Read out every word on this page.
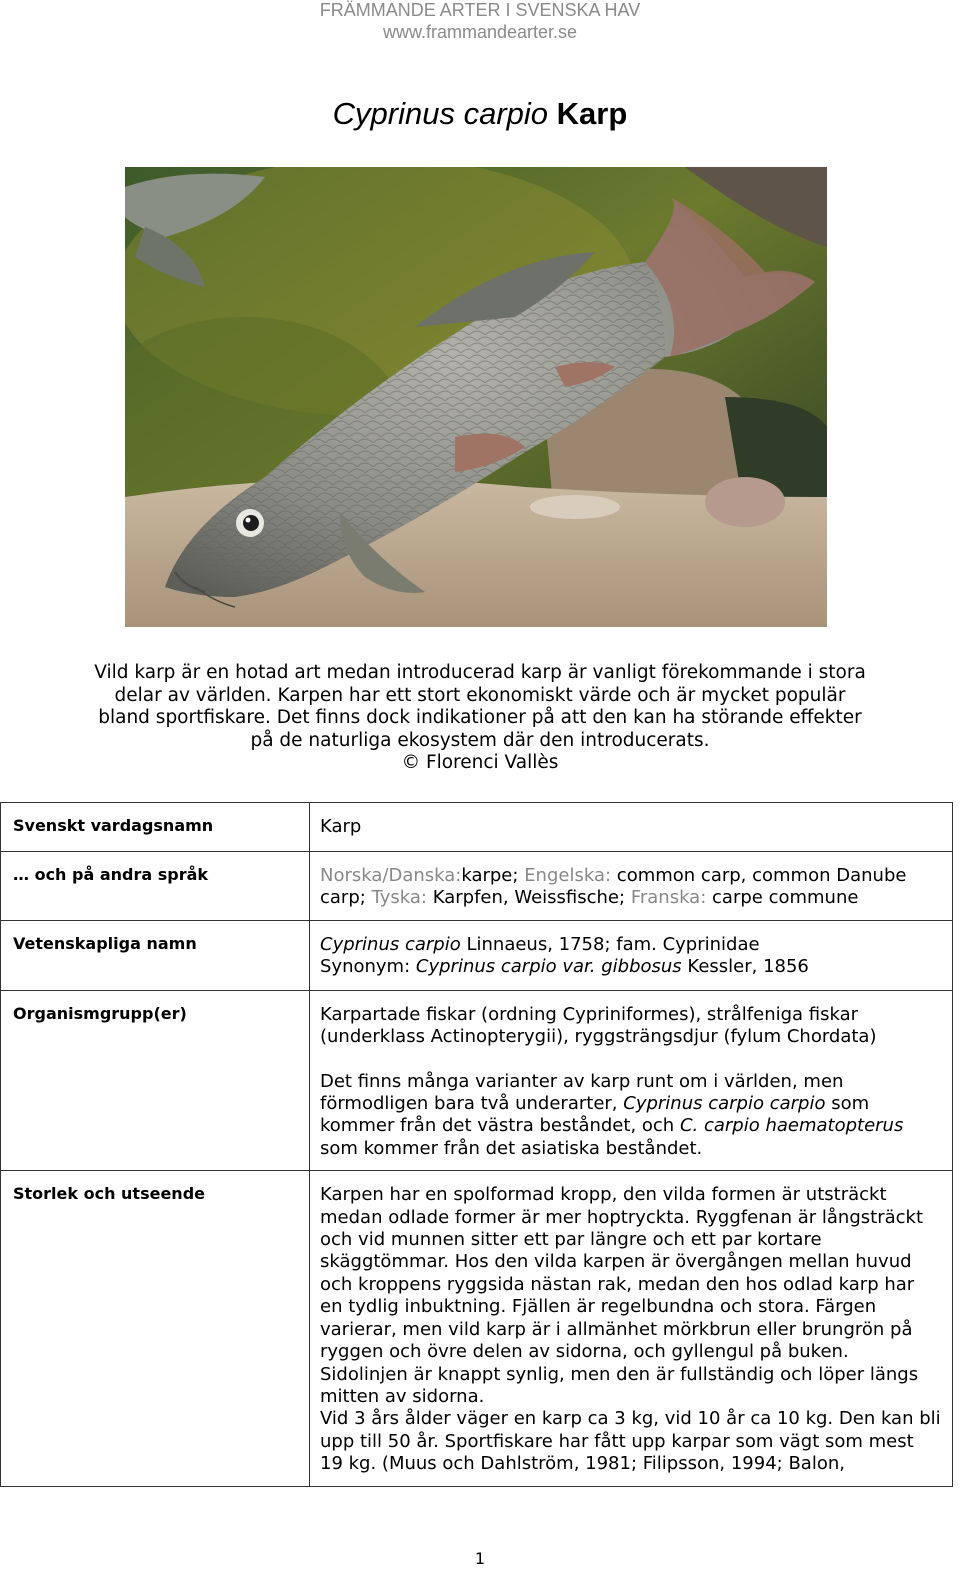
FRÄMMANDE ARTER I SVENSKA HAV
www.frammandearter.se
Cyprinus carpio Karp
Vild karp är en hotad art medan introducerad karp är vanligt förekommande i stora
delar av världen. Karpen har ett stort ekonomiskt värde och är mycket populär
bland sportfiskare. Det finns dock indikationer på att den kan ha störande effekter
på de naturliga ekosystem där den introducerats.
© Florenci Vallès
Svenskt vardagsnamn	Karp
… och på andra språk	Norska/Danska:karpe; Engelska: common carp, common Danube carp; Tyska: Karpfen, Weissfische; Franska: carpe commune
Vetenskapliga namn	Cyprinus carpio Linnaeus, 1758; fam. Cyprinidae
Synonym: Cyprinus carpio var. gibbosus Kessler, 1856
Organismgrupp(er)	Karpartade fiskar (ordning Cypriniformes), strålfeniga fiskar (underklass Actinopterygii), ryggsträngsdjur (fylum Chordata)

Det finns många varianter av karp runt om i världen, men förmodligen bara två underarter, Cyprinus carpio carpio som kommer från det västra beståndet, och C. carpio haematopterus som kommer från det asiatiska beståndet.

Storlek och utseende	Karpen har en spolformad kropp, den vilda formen är utsträckt medan odlade former är mer hoptryckta. Ryggfenan är långsträckt och vid munnen sitter ett par längre och ett par kortare skäggtömmar. Hos den vilda karpen är övergången mellan huvud och kroppens ryggsida nästan rak, medan den hos odlad karp har en tydlig inbuktning. Fjällen är regelbundna och stora. Färgen varierar, men vild karp är i allmänhet mörkbrun eller brungrön på ryggen och övre delen av sidorna, och gyllengul på buken. Sidolinjen är knappt synlig, men den är fullständig och löper längs mitten av sidorna.
Vid 3 års ålder väger en karp ca 3 kg, vid 10 år ca 10 kg. Den kan bli upp till 50 år. Sportfiskare har fått upp karpar som vägt som mest 19 kg. (Muus och Dahlström, 1981; Filipsson, 1994; Balon,
1
